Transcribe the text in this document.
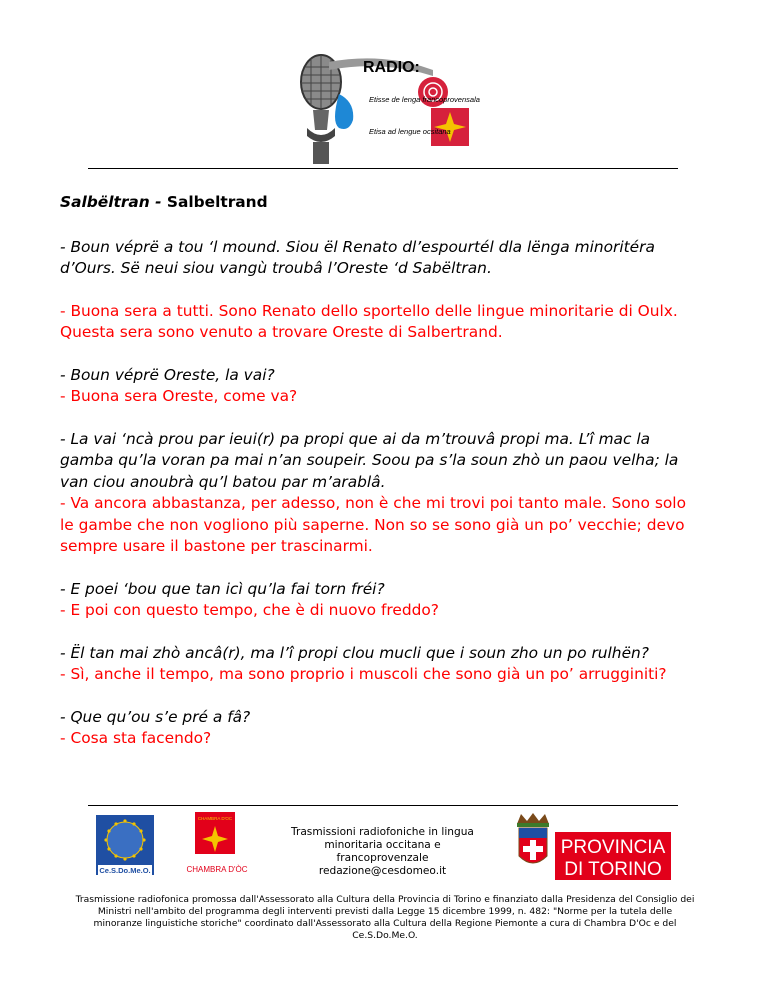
RADIO:
Etisse de lenga francoprovensala
Etisa ad lengue ocsitana
Salbëltran - Salbeltrand
- Boun véprë a tou ‘l mound. Siou ël Renato dl’espourtél dla lënga minoritéra d’Ours. Së neui siou vangù troubâ l’Oreste ‘d Sabëltran.
- Buona sera a tutti. Sono Renato dello sportello delle lingue minoritarie di Oulx. Questa sera sono venuto a trovare Oreste di Salbertrand.
- Boun véprë Oreste, la vai?
- Buona sera Oreste, come va?
- La vai ‘ncà prou par ieui(r) pa propi que ai da m’trouvâ propi ma. L’î mac la gamba qu’la voran pa mai n’an soupeir. Soou pa s’la soun zhò un paou velha; la van ciou anoubrà qu’l batou par m’arablâ.
- Va ancora abbastanza, per adesso, non è che mi trovi poi tanto male. Sono solo le gambe che non vogliono più saperne. Non so se sono già un po’ vecchie; devo sempre usare il bastone per trascinarmi.
- E poei ‘bou que tan icì qu’la fai torn fréi?
- E poi con questo tempo, che è di nuovo freddo?
- Ël tan mai zhò ancâ(r), ma l’î propi clou mucli que i soun zho un po rulhën?
- Sì, anche il tempo, ma sono proprio i muscoli che sono già un po’ arrugginiti?
- Que qu’ou s’e pré a fâ?
- Cosa sta facendo?
Ce.S.Do.Me.O.
CHAMBRA D'OC
CHAMBRA D'ÒC
Trasmissioni radiofoniche in lingua
minoritaria occitana e
francoprovenzale
redazione@cesdomeo.it
PROVINCIA
DI TORINO
Trasmissione radiofonica promossa dall'Assessorato alla Cultura della Provincia di Torino e finanziato dalla Presidenza del Consiglio dei Ministri nell'ambito del programma degli interventi previsti dalla Legge 15 dicembre 1999, n. 482: "Norme per la tutela delle minoranze linguistiche storiche" coordinato dall'Assessorato alla Cultura della Regione Piemonte a cura di Chambra D'Oc e del Ce.S.Do.Me.O.
